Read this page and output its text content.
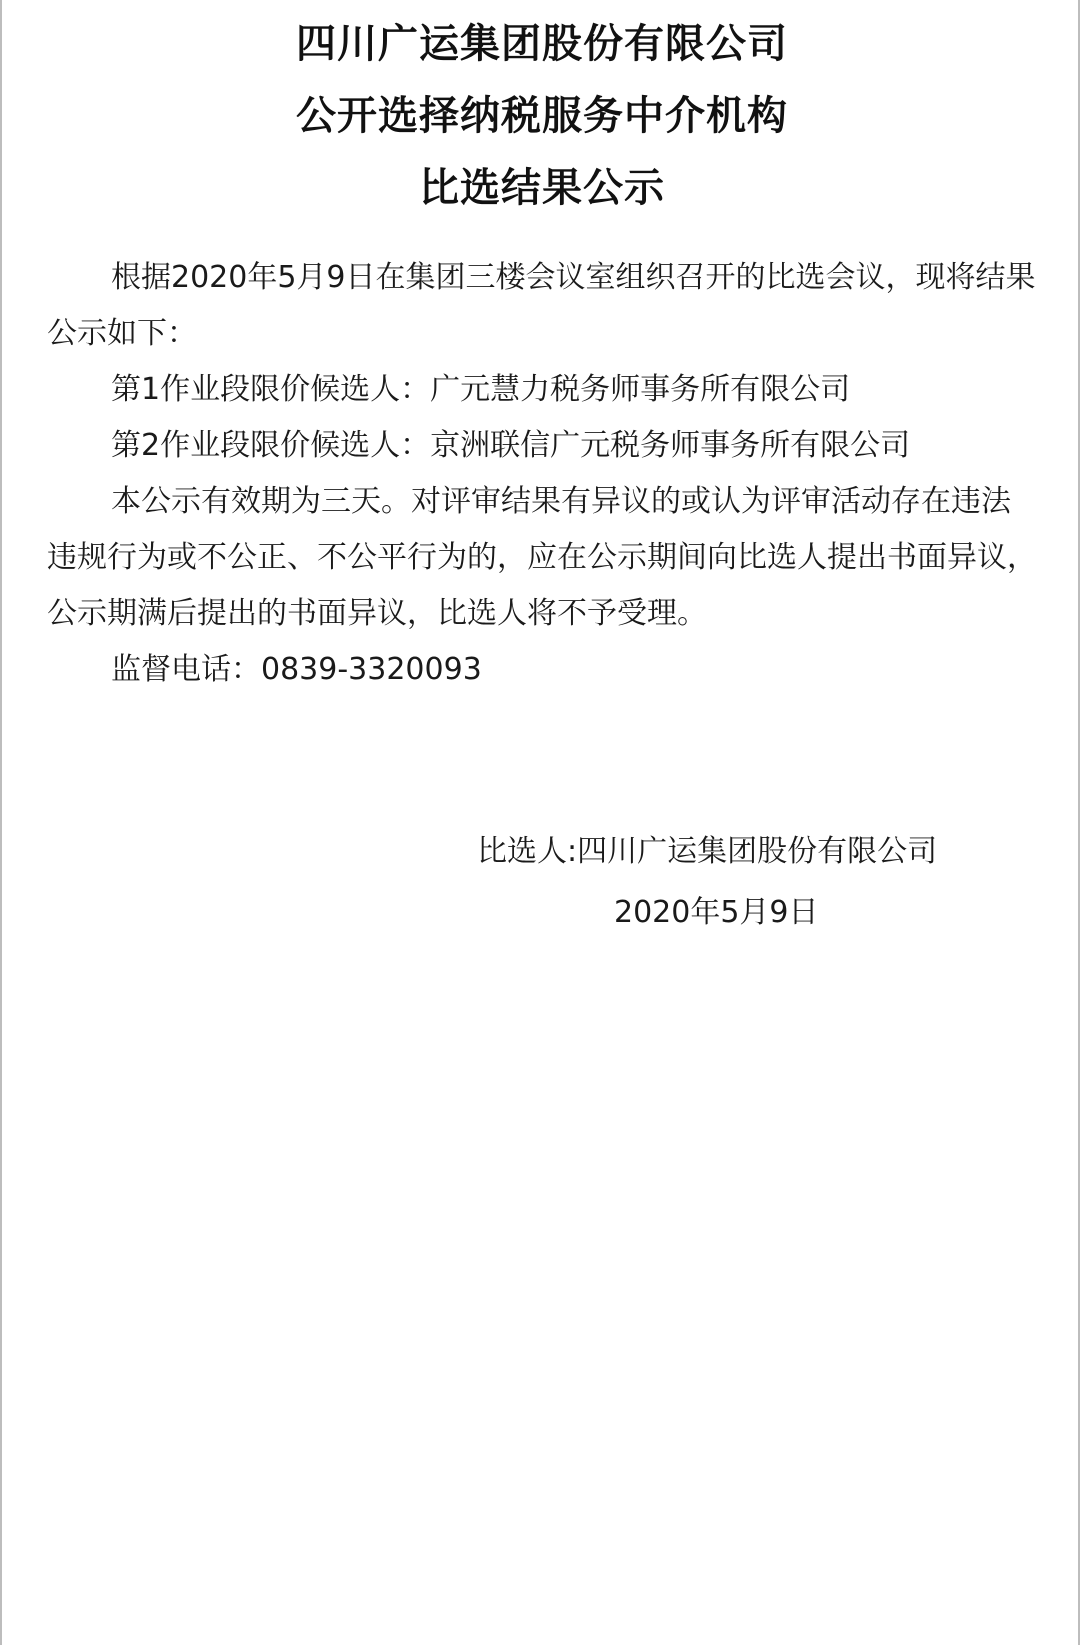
四川广运集团股份有限公司
公开选择纳税服务中介机构
比选结果公示

根据2020年5月9日在集团三楼会议室组织召开的比选会议，现将结果公示如下：

第1作业段限价候选人：广元慧力税务师事务所有限公司

第2作业段限价候选人：京洲联信广元税务师事务所有限公司

本公示有效期为三天。对评审结果有异议的或认为评审活动存在违法违规行为或不公正、不公平行为的，应在公示期间向比选人提出书面异议，公示期满后提出的书面异议，比选人将不予受理。

监督电话：0839-3320093

比选人:四川广运集团股份有限公司
2020年5月9日
